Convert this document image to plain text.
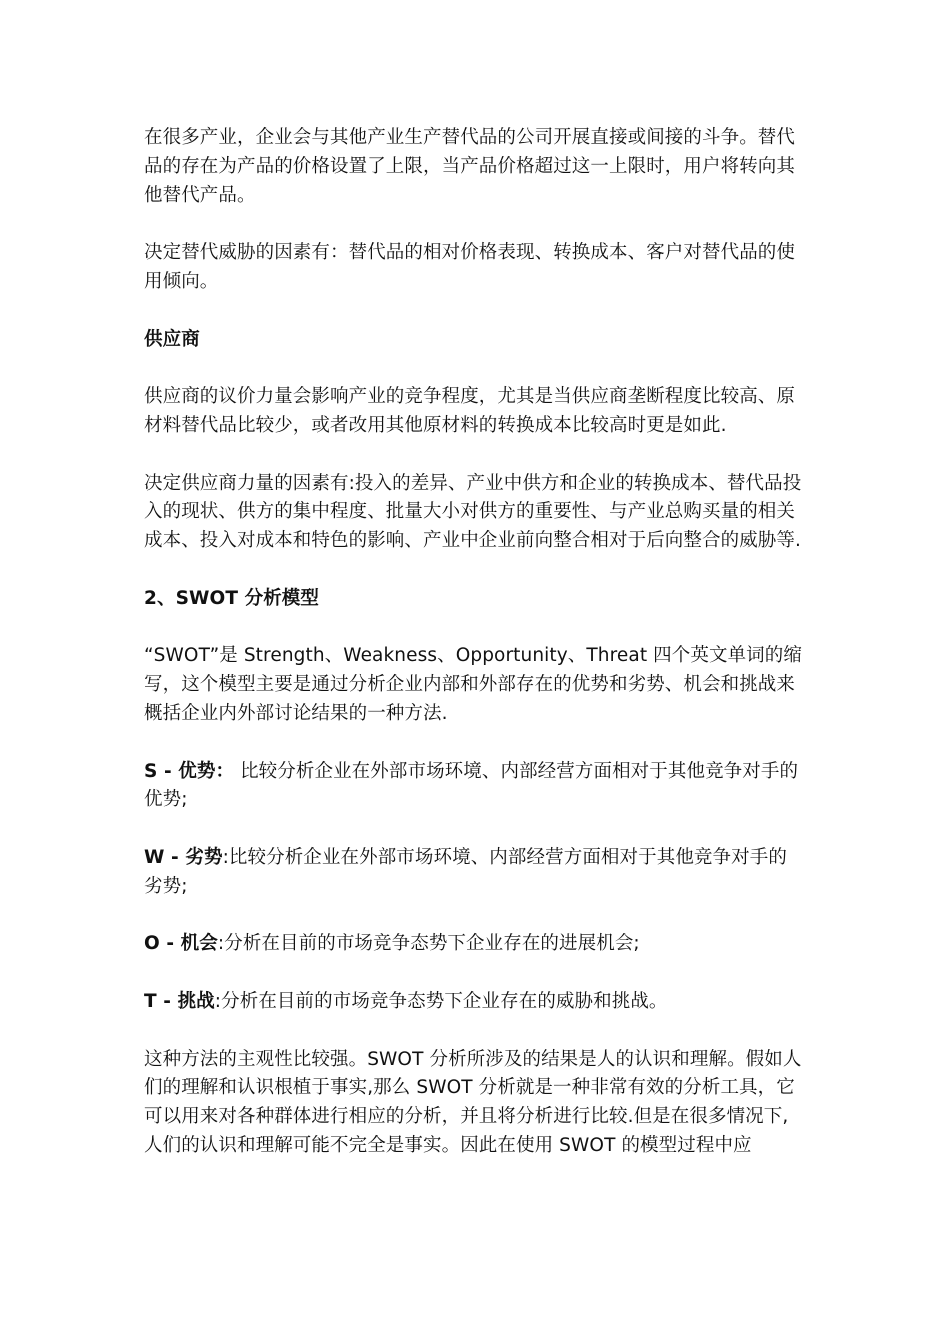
在很多产业，企业会与其他产业生产替代品的公司开展直接或间接的斗争。替代品的存在为产品的价格设置了上限，当产品价格超过这一上限时，用户将转向其他替代产品。

决定替代威胁的因素有：替代品的相对价格表现、转换成本、客户对替代品的使用倾向。

供应商

供应商的议价力量会影响产业的竞争程度，尤其是当供应商垄断程度比较高、原材料替代品比较少，或者改用其他原材料的转换成本比较高时更是如此.

决定供应商力量的因素有:投入的差异、产业中供方和企业的转换成本、替代品投入的现状、供方的集中程度、批量大小对供方的重要性、与产业总购买量的相关成本、投入对成本和特色的影响、产业中企业前向整合相对于后向整合的威胁等.

2、SWOT 分析模型

“SWOT”是 Strength、Weakness、Opportunity、Threat 四个英文单词的缩写，这个模型主要是通过分析企业内部和外部存在的优势和劣势、机会和挑战来概括企业内外部讨论结果的一种方法.

S - 优势： 比较分析企业在外部市场环境、内部经营方面相对于其他竞争对手的优势;

W - 劣势:比较分析企业在外部市场环境、内部经营方面相对于其他竞争对手的劣势;

O - 机会:分析在目前的市场竞争态势下企业存在的进展机会;

T - 挑战:分析在目前的市场竞争态势下企业存在的威胁和挑战。

这种方法的主观性比较强。SWOT 分析所涉及的结果是人的认识和理解。假如人们的理解和认识根植于事实,那么 SWOT 分析就是一种非常有效的分析工具，它可以用来对各种群体进行相应的分析，并且将分析进行比较.但是在很多情况下,人们的认识和理解可能不完全是事实。因此在使用 SWOT 的模型过程中应
